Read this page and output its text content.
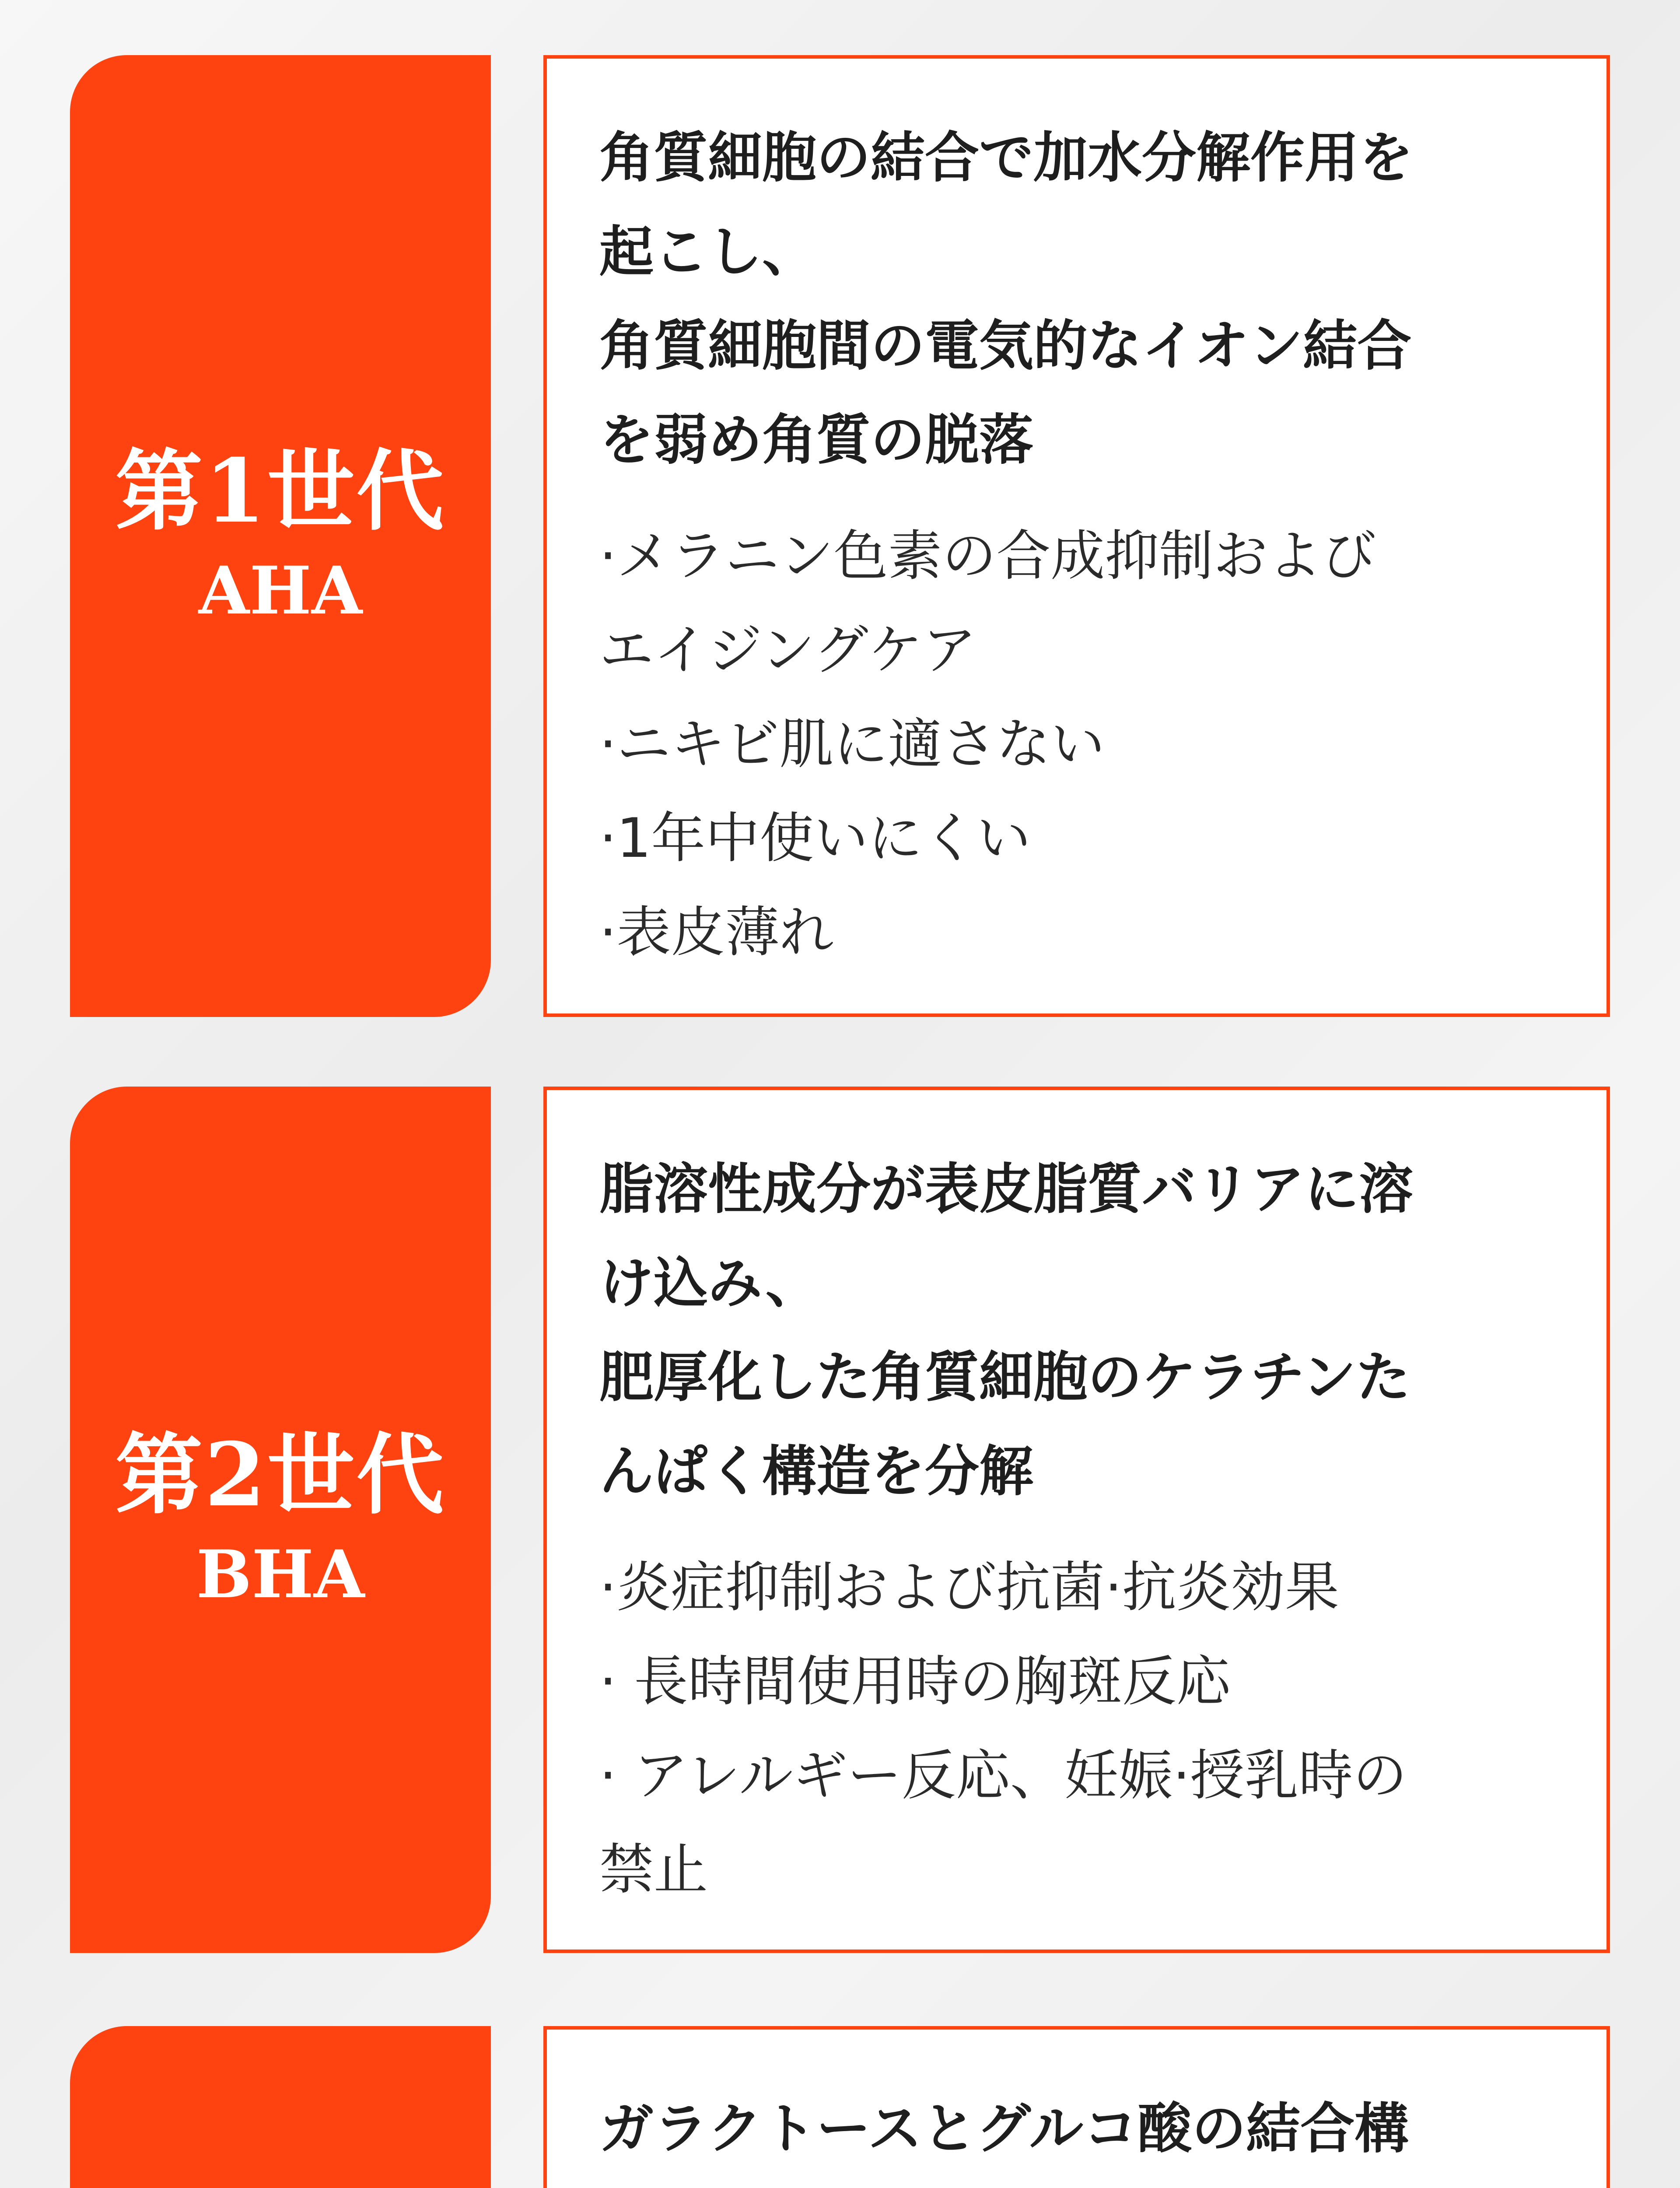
第1世代
AHA
角質細胞の結合で加水分解作用を
起こし、
角質細胞間の電気的なイオン結合
を弱め角質の脱落
·メラニン色素の合成抑制および
エイジングケア
·ニキビ肌に適さない
·1年中使いにくい
·表皮薄れ
第2世代
BHA
脂溶性成分が表皮脂質バリアに溶
け込み、
肥厚化した角質細胞のケラチンた
んぱく構造を分解
·炎症抑制および抗菌·抗炎効果
· 長時間使用時の胸斑反応
· アレルギー反応、妊娠·授乳時の
禁止
ガラクトースとグルコ酸の結合構
